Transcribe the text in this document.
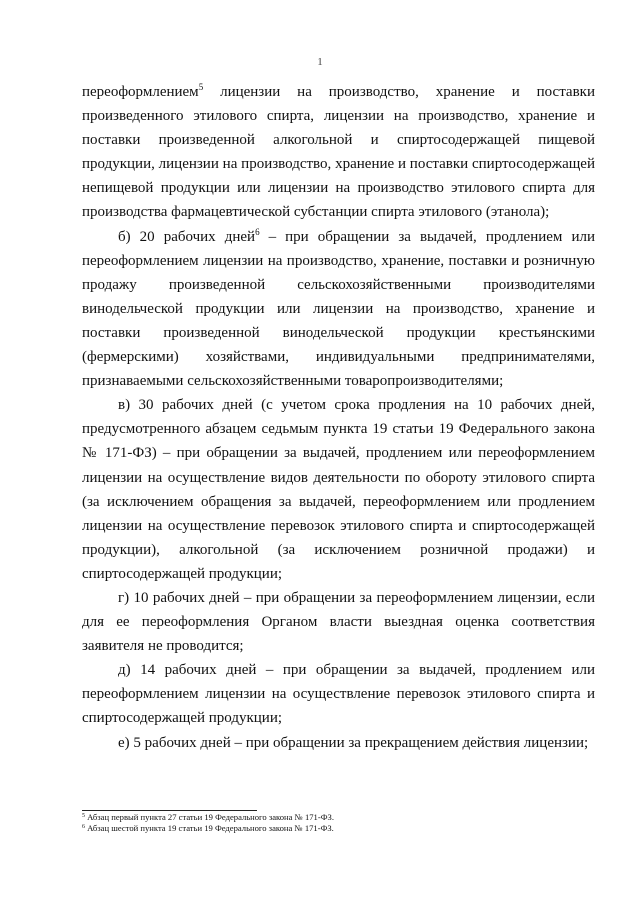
1

переоформлением$^5$ лицензии на производство, хранение и поставки произведенного этилового спирта, лицензии на производство, хранение и поставки произведенной алкогольной и спиртосодержащей пищевой продукции, лицензии на производство, хранение и поставки спиртосодержащей непищевой продукции или лицензии на производство этилового спирта для производства фармацевтической субстанции спирта этилового (этанола);

б) 20 рабочих дней$^6$ – при обращении за выдачей, продлением или переоформлением лицензии на производство, хранение, поставки и розничную продажу произведенной сельскохозяйственными производителями винодельческой продукции или лицензии на производство, хранение и поставки произведенной винодельческой продукции крестьянскими (фермерскими) хозяйствами, индивидуальными предпринимателями, признаваемыми сельскохозяйственными товаропроизводителями;

в) 30 рабочих дней (с учетом срока продления на 10 рабочих дней, предусмотренного абзацем седьмым пункта 19 статьи 19 Федерального закона № 171-ФЗ) – при обращении за выдачей, продлением или переоформлением лицензии на осуществление видов деятельности по обороту этилового спирта (за исключением обращения за выдачей, переоформлением или продлением лицензии на осуществление перевозок этилового спирта и спиртосодержащей продукции), алкогольной (за исключением розничной продажи) и спиртосодержащей продукции;

г) 10 рабочих дней – при обращении за переоформлением лицензии, если для ее переоформления Органом власти выездная оценка соответствия заявителя не проводится;

д) 14 рабочих дней – при обращении за выдачей, продлением или переоформлением лицензии на осуществление перевозок этилового спирта и спиртосодержащей продукции;

е) 5 рабочих дней – при обращении за прекращением действия лицензии;

$^5$ Абзац первый пункта 27 статьи 19 Федерального закона № 171-ФЗ.
$^6$ Абзац шестой пункта 19 статьи 19 Федерального закона № 171-ФЗ.
